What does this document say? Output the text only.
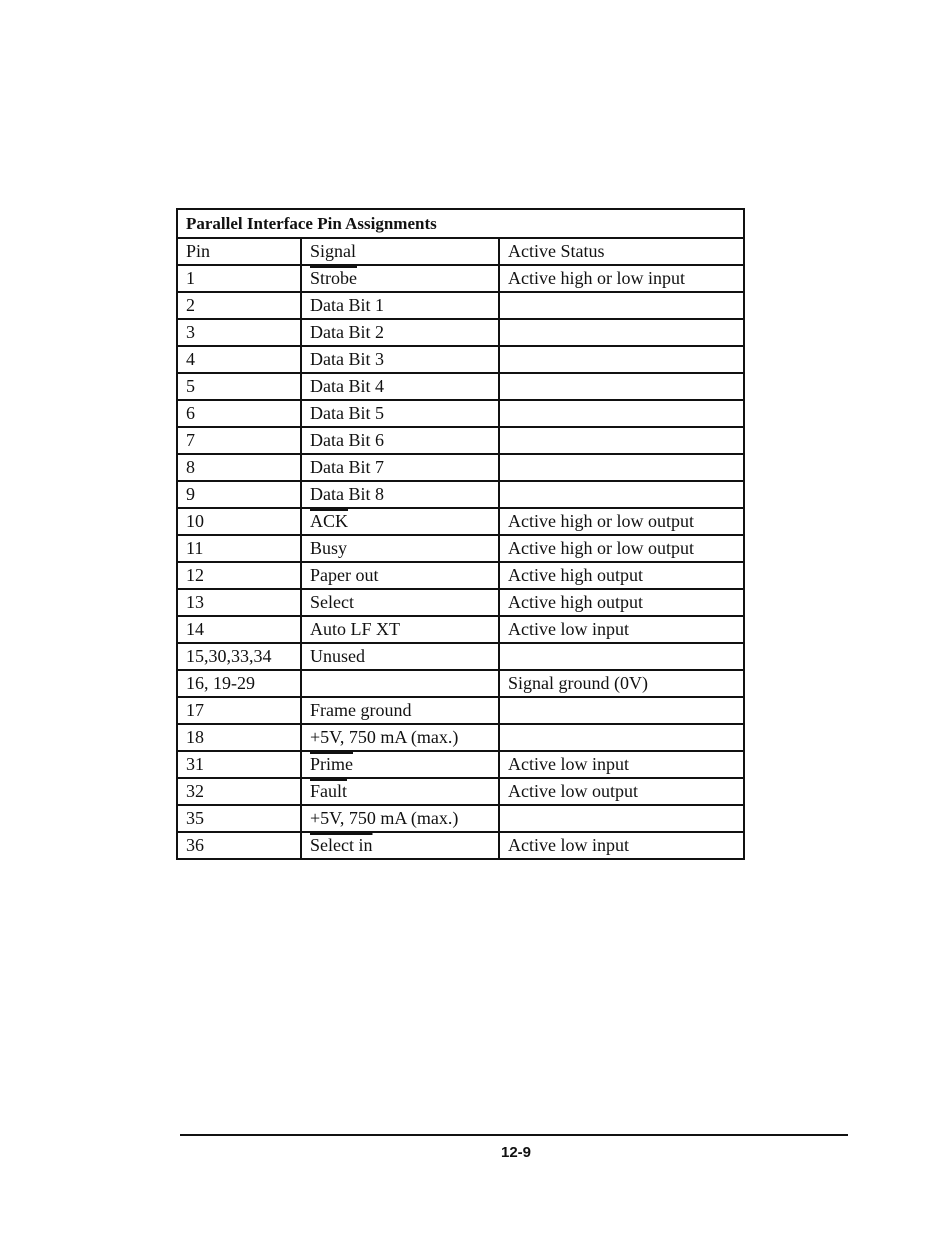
Parallel Interface Pin Assignments		
Pin	Signal	Active Status
1	Strobe	Active high or low input
2	Data Bit 1	
3	Data Bit 2	
4	Data Bit 3	
5	Data Bit 4	
6	Data Bit 5	
7	Data Bit 6	
8	Data Bit 7	
9	Data Bit 8	
10	$\overline{ACK}$	Active high or low output
11	Busy	Active high or low output
12	Paper out	Active high output
13	Select	Active high output
14	Auto LF XT	Active low input
15,30,33,34	Unused	
16, 19-29		Signal ground (0V)
17	Frame ground	
18	+5V, 750 mA (max.)	
31	Prime	Active low input
32	Fault	Active low output
35	+5V, 750 mA (max.)	
36	Select in	Active low input
12-9
